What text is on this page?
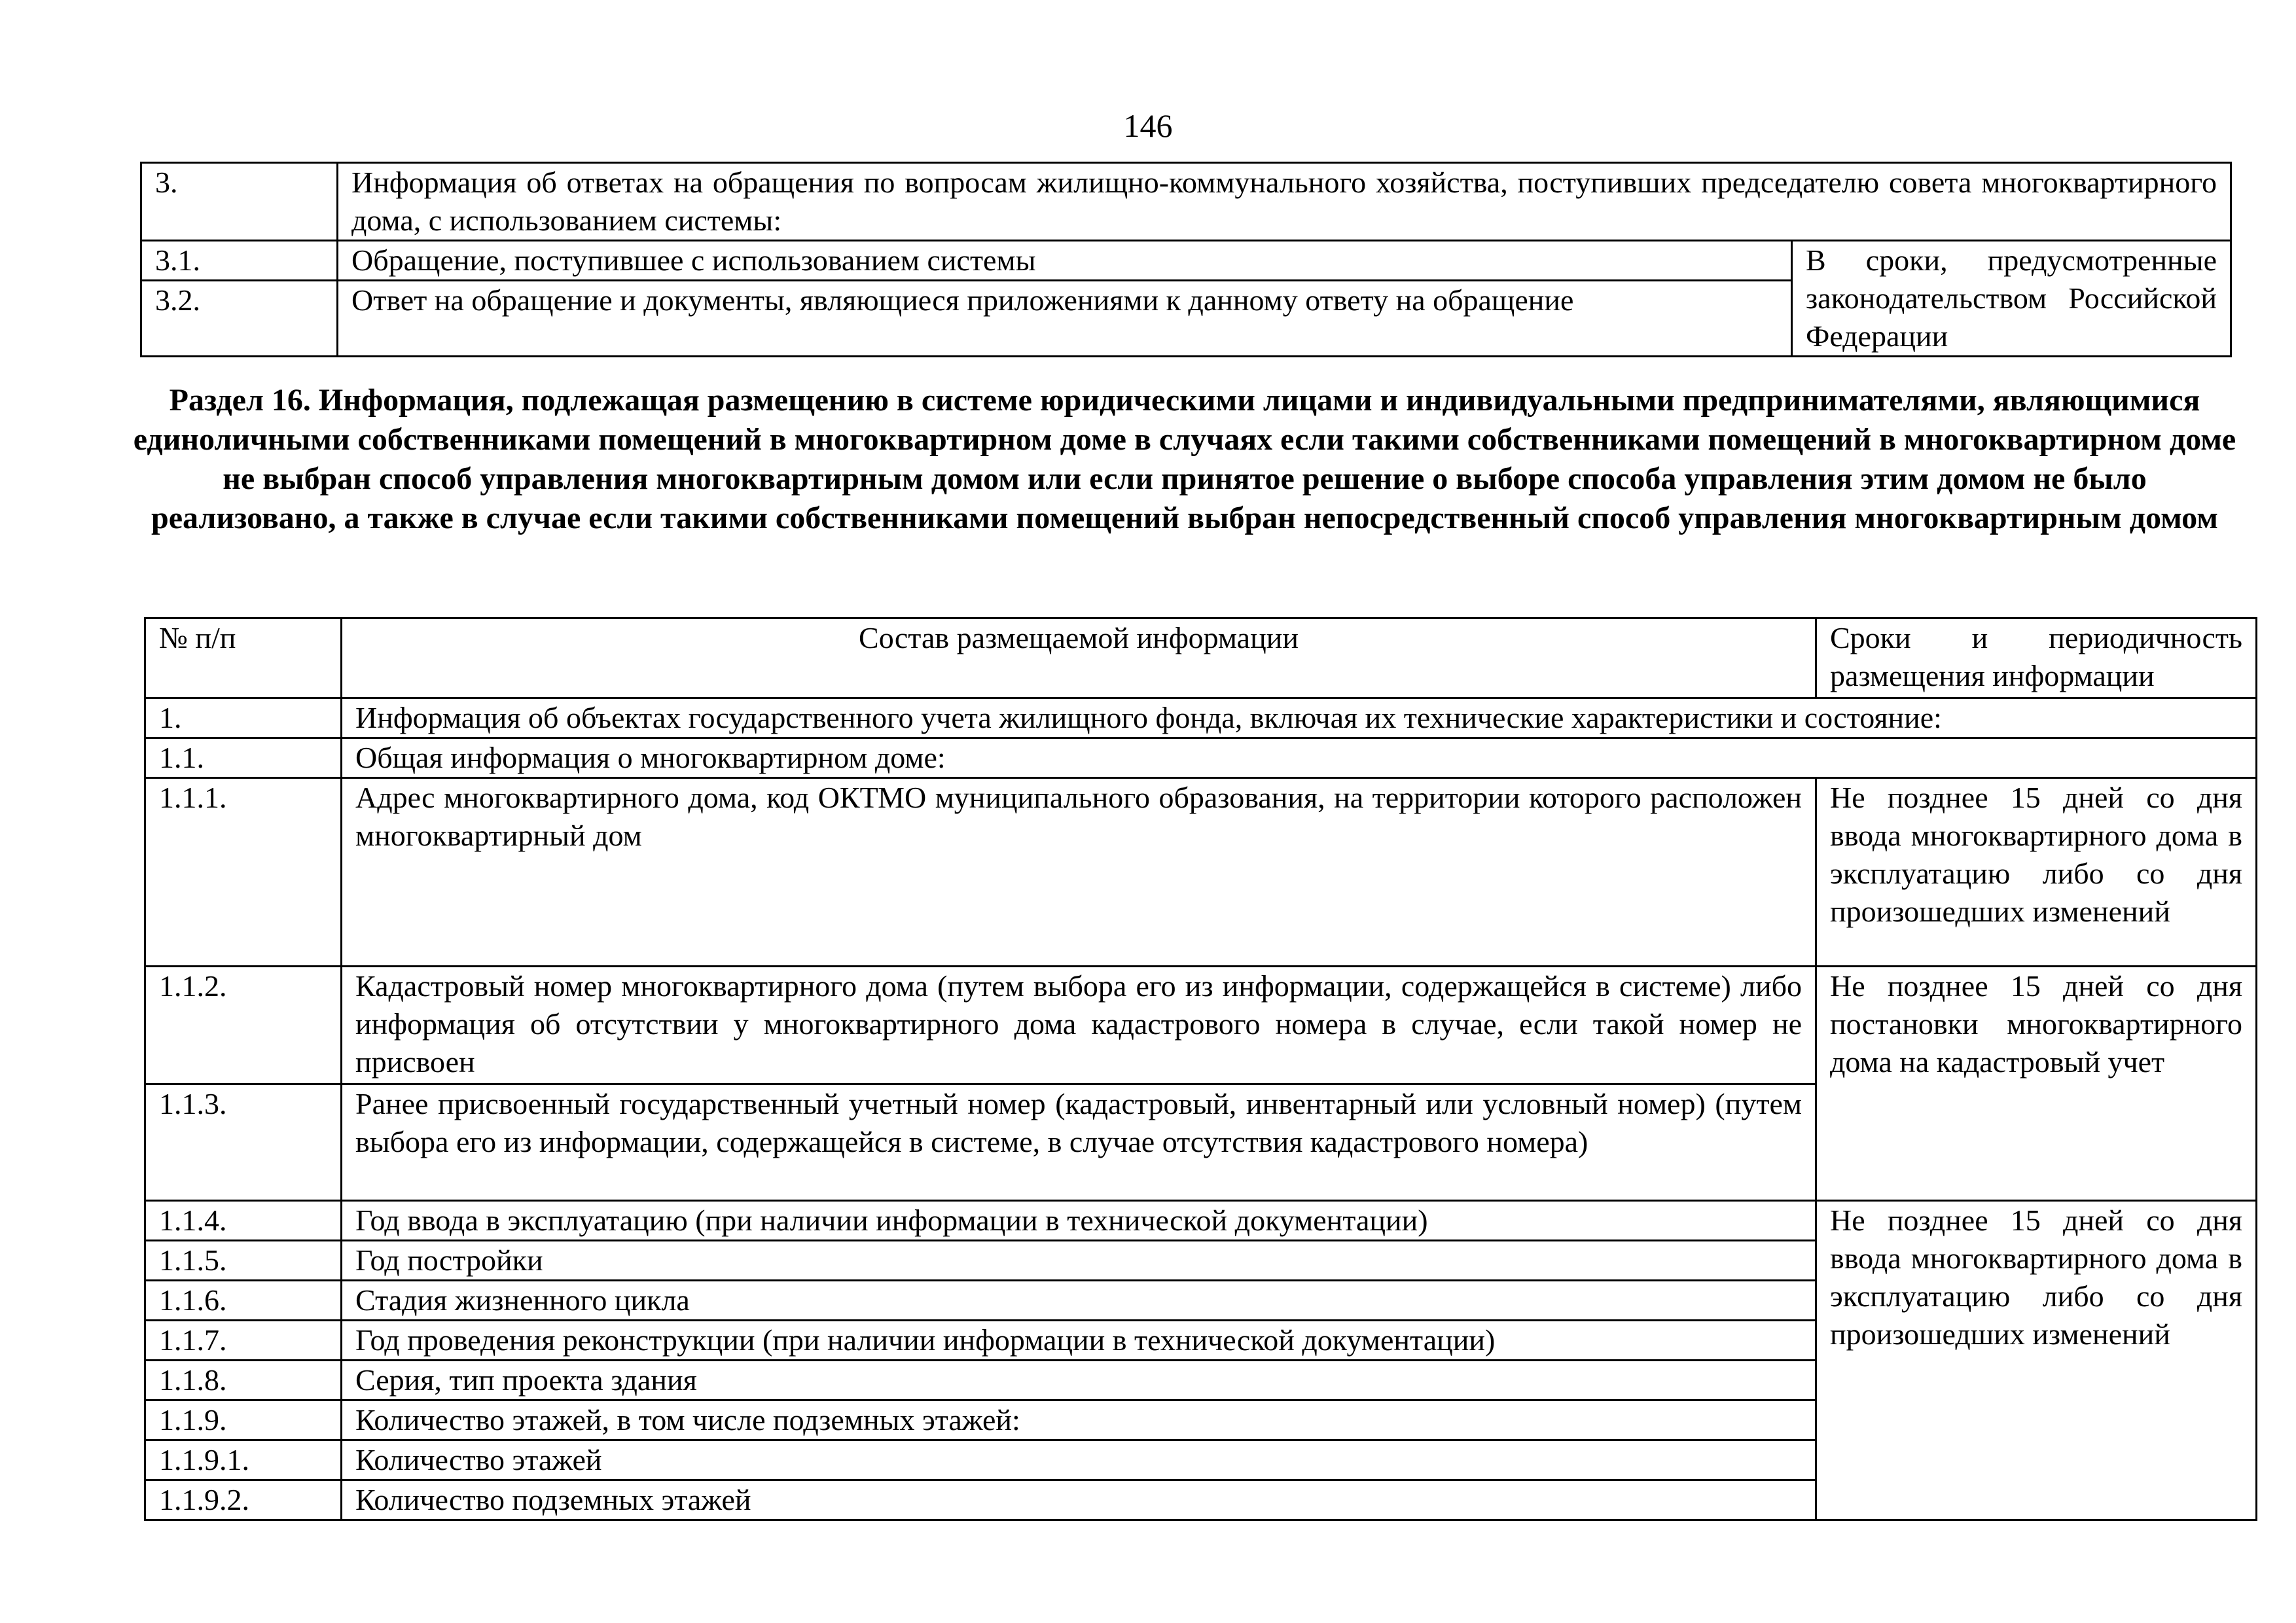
146
3.	Информация об ответах на обращения по вопросам жилищно-коммунального хозяйства, поступивших председателю совета многоквартирного дома, с использованием системы:	
3.1.	Обращение, поступившее с использованием системы	В сроки, предусмотренные законодательством Российской Федерации
3.2.	Ответ на обращение и документы, являющиеся приложениями к данному ответу на обращение	
Раздел 16. Информация, подлежащая размещению в системе юридическими лицами и индивидуальными предпринимателями, являющимися единоличными собственниками помещений в многоквартирном доме в случаях если такими собственниками помещений в многоквартирном доме не выбран способ управления многоквартирным домом или если принятое решение о выборе способа управления этим домом не было реализовано, а также в случае если такими собственниками помещений выбран непосредственный способ управления многоквартирным домом
№ п/п	Состав размещаемой информации	Сроки и периодичность размещения информации
1.	Информация об объектах государственного учета жилищного фонда, включая их технические характеристики и состояние:	
1.1.	Общая информация о многоквартирном доме:	
1.1.1.	Адрес многоквартирного дома, код ОКТМО муниципального образования, на территории которого расположен многоквартирный дом	Не позднее 15 дней со дня ввода многоквартирного дома в эксплуатацию либо со дня произошедших изменений
1.1.2.	Кадастровый номер многоквартирного дома (путем выбора его из информации, содержащейся в системе) либо информация об отсутствии у многоквартирного дома кадастрового номера в случае, если такой номер не присвоен	Не позднее 15 дней со дня постановки многоквартирного дома на кадастровый учет
1.1.3.	Ранее присвоенный государственный учетный номер (кадастровый, инвентарный или условный номер) (путем выбора его из информации, содержащейся в системе, в случае отсутствия кадастрового номера)	
1.1.4.	Год ввода в эксплуатацию (при наличии информации в технической документации)	Не позднее 15 дней со дня ввода многоквартирного дома в эксплуатацию либо со дня произошедших изменений
1.1.5.	Год постройки	
1.1.6.	Стадия жизненного цикла	
1.1.7.	Год проведения реконструкции (при наличии информации в технической документации)	
1.1.8.	Серия, тип проекта здания	
1.1.9.	Количество этажей, в том числе подземных этажей:	
1.1.9.1.	Количество этажей	
1.1.9.2.	Количество подземных этажей	
